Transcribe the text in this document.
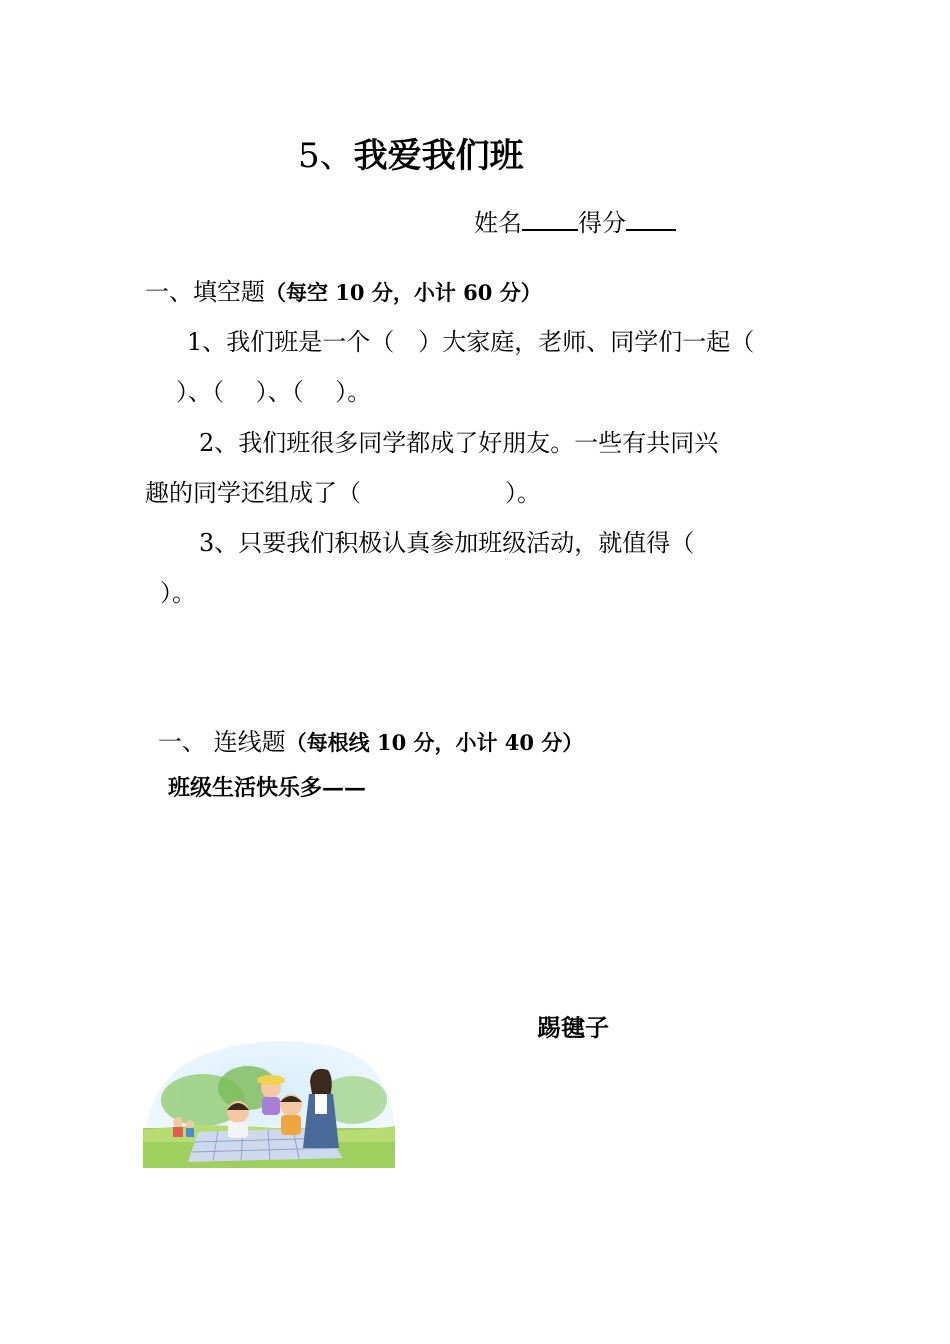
5、我爱我们班
姓名 得分
一、填空题（每空 10 分，小计 60 分）
1、我们班是一个（　）大家庭，老师、同学们一起（
）、（　 ）、（　 ）。
2、我们班很多同学都成了好朋友。一些有共同兴
趣的同学还组成了（　　　　　　）。
3、只要我们积极认真参加班级活动，就值得（
）。
一、 连线题（每根线 10 分，小计 40 分）
班级生活快乐多——
踢毽子
